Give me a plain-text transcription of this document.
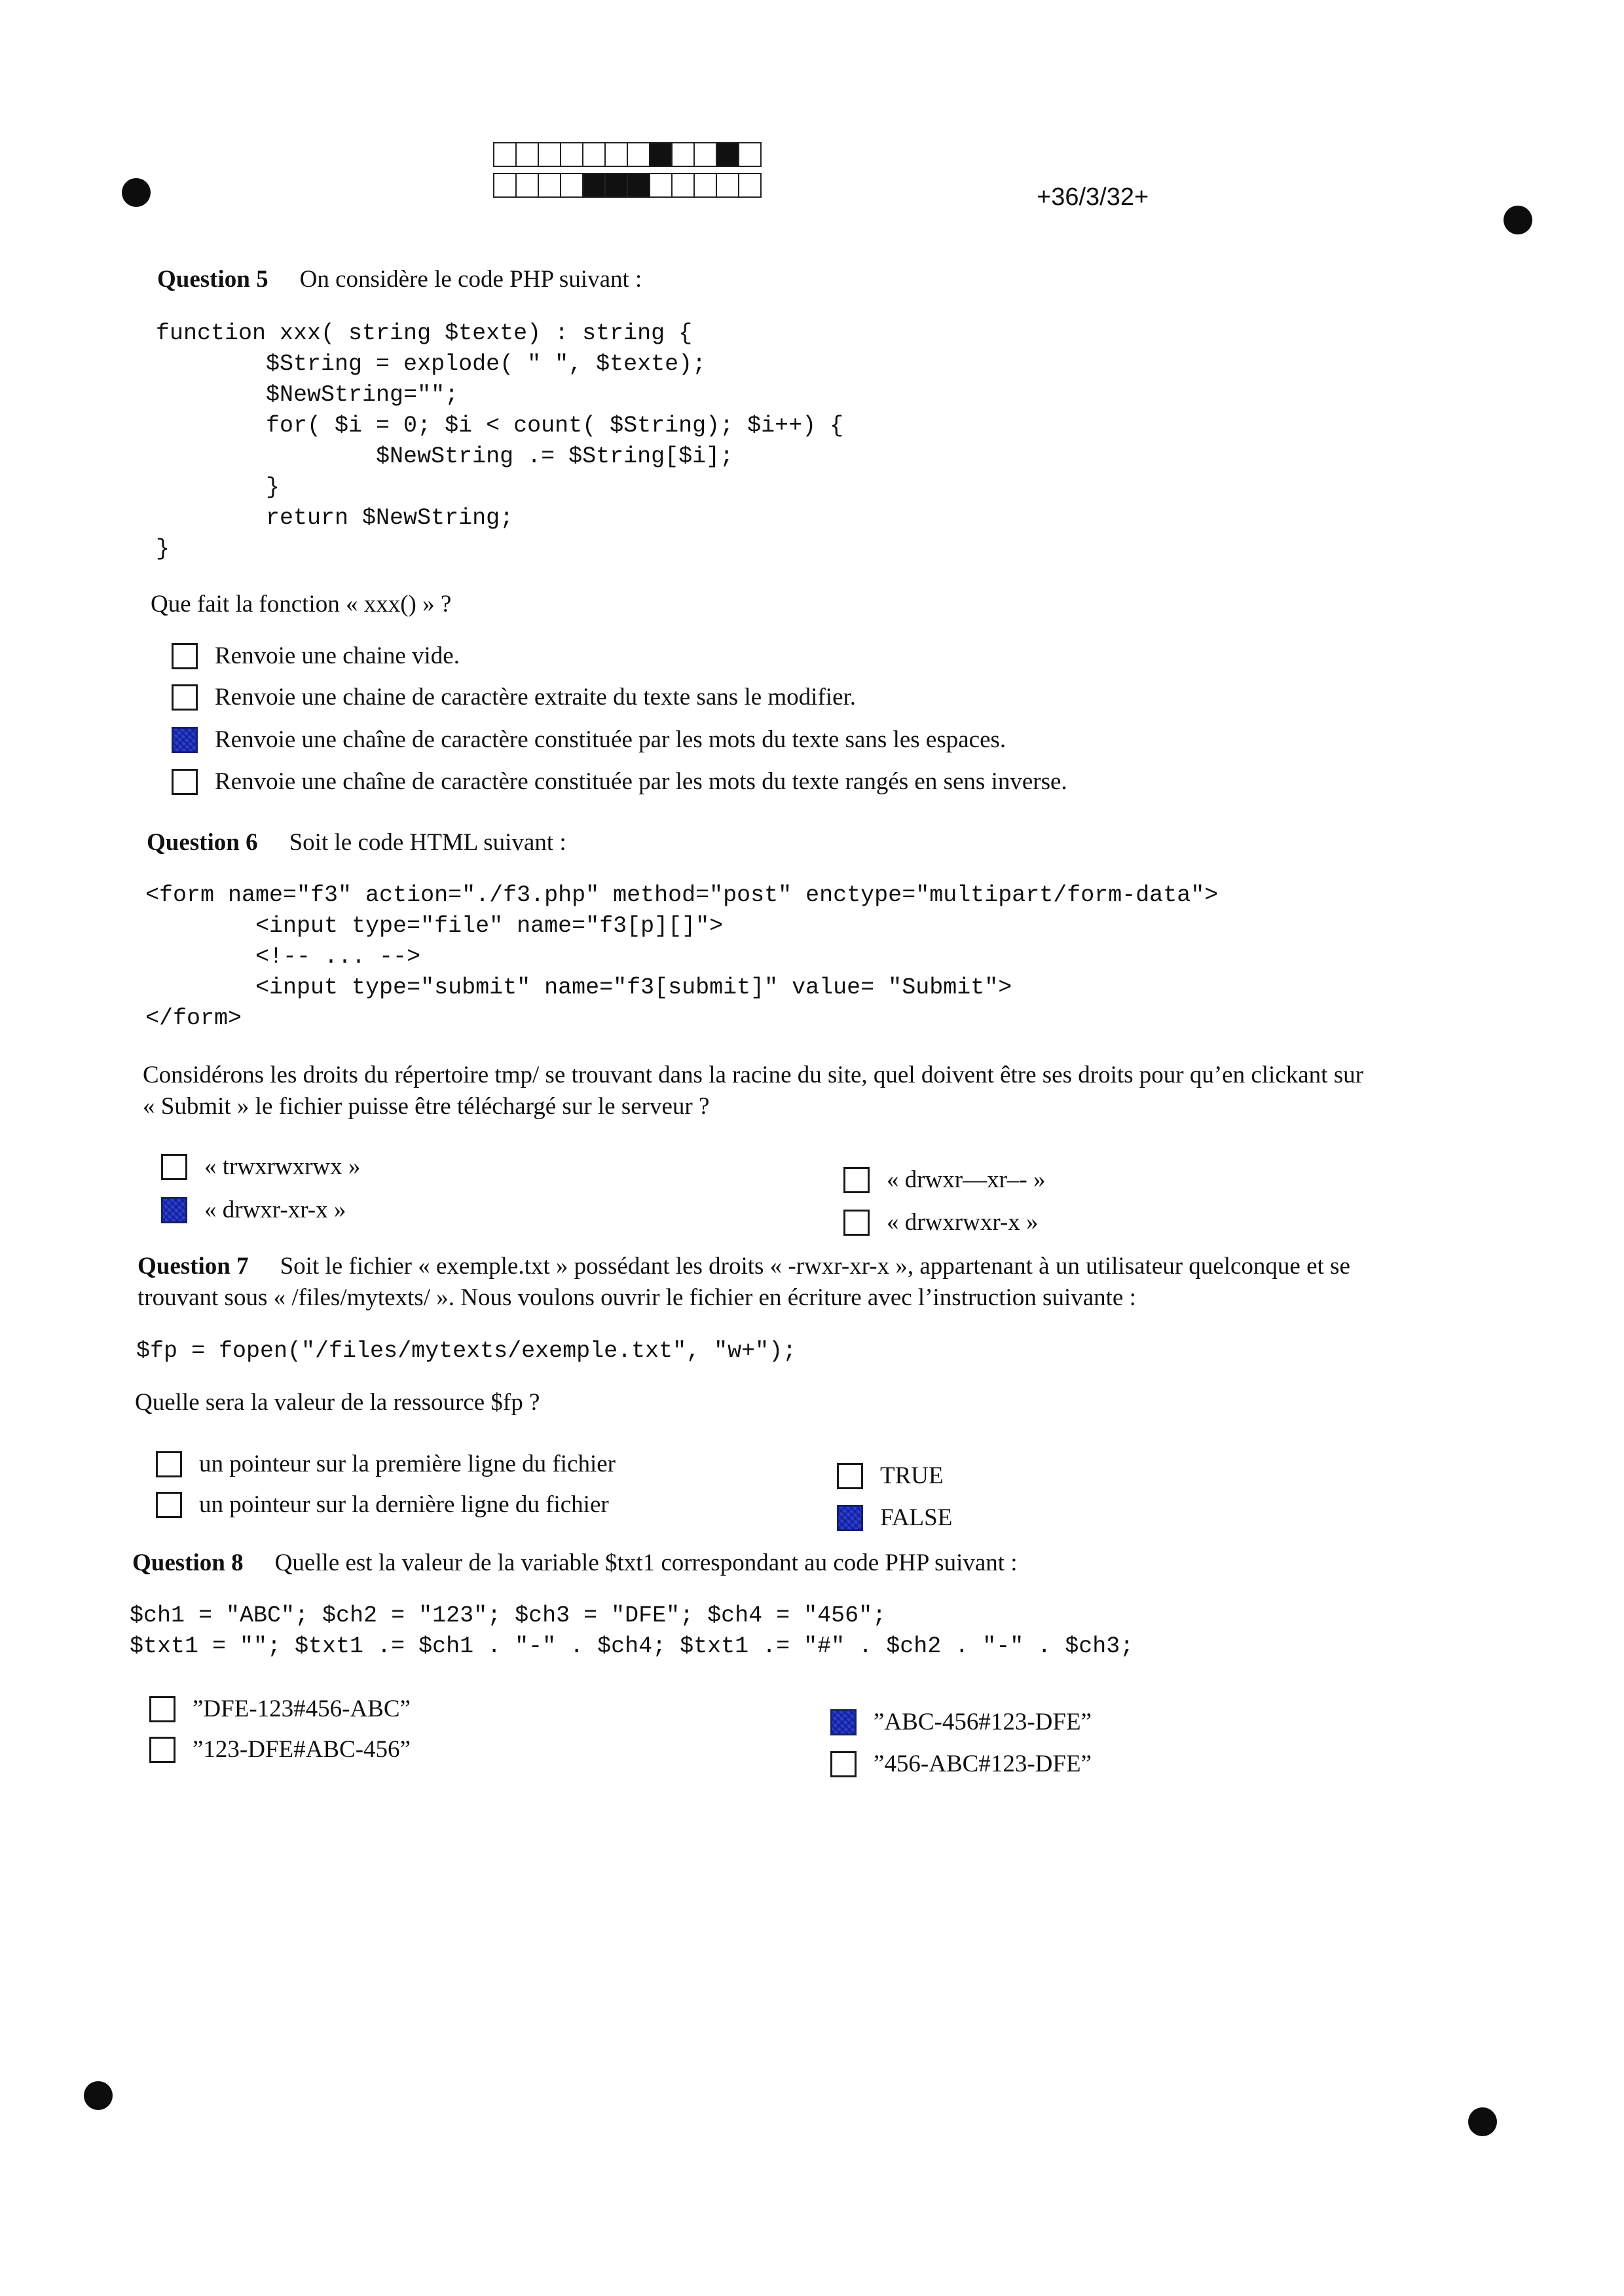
+36/3/32+
Question 5 On considère le code PHP suivant :
function xxx( string $texte) : string {
$String = explode( " ", $texte);
$NewString="";
for( $i = 0; $i < count( $String); $i++) {
$NewString .= $String[$i];
}
return $NewString;
}
Que fait la fonction « xxx() » ?
Renvoie une chaine vide.
Renvoie une chaine de caractère extraite du texte sans le modifier.
Renvoie une chaîne de caractère constituée par les mots du texte sans les espaces.
Renvoie une chaîne de caractère constituée par les mots du texte rangés en sens inverse.
Question 6 Soit le code HTML suivant :
<form name="f3" action="./f3.php" method="post" enctype="multipart/form-data">
<input type="file" name="f3[p][]">
<!-- ... -->
<input type="submit" name="f3[submit]" value= "Submit">
</form>
Considérons les droits du répertoire tmp/ se trouvant dans la racine du site, quel doivent être ses droits pour qu’en clickant sur
« Submit » le fichier puisse être téléchargé sur le serveur ?
« trwxrwxrwx »
« drwxr-xr-x »
« drwxr—xr–- »
« drwxrwxr-x »
Question 7 Soit le fichier « exemple.txt » possédant les droits « -rwxr-xr-x », appartenant à un utilisateur quelconque et se
trouvant sous « /files/mytexts/ ». Nous voulons ouvrir le fichier en écriture avec l’instruction suivante :
$fp = fopen("/files/mytexts/exemple.txt", "w+");
Quelle sera la valeur de la ressource $fp ?
un pointeur sur la première ligne du fichier
un pointeur sur la dernière ligne du fichier
TRUE
FALSE
Question 8 Quelle est la valeur de la variable $txt1 correspondant au code PHP suivant :
$ch1 = "ABC"; $ch2 = "123"; $ch3 = "DFE"; $ch4 = "456";
$txt1 = ""; $txt1 .= $ch1 . "-" . $ch4; $txt1 .= "#" . $ch2 . "-" . $ch3;
”DFE-123#456-ABC”
”123-DFE#ABC-456”
”ABC-456#123-DFE”
”456-ABC#123-DFE”
